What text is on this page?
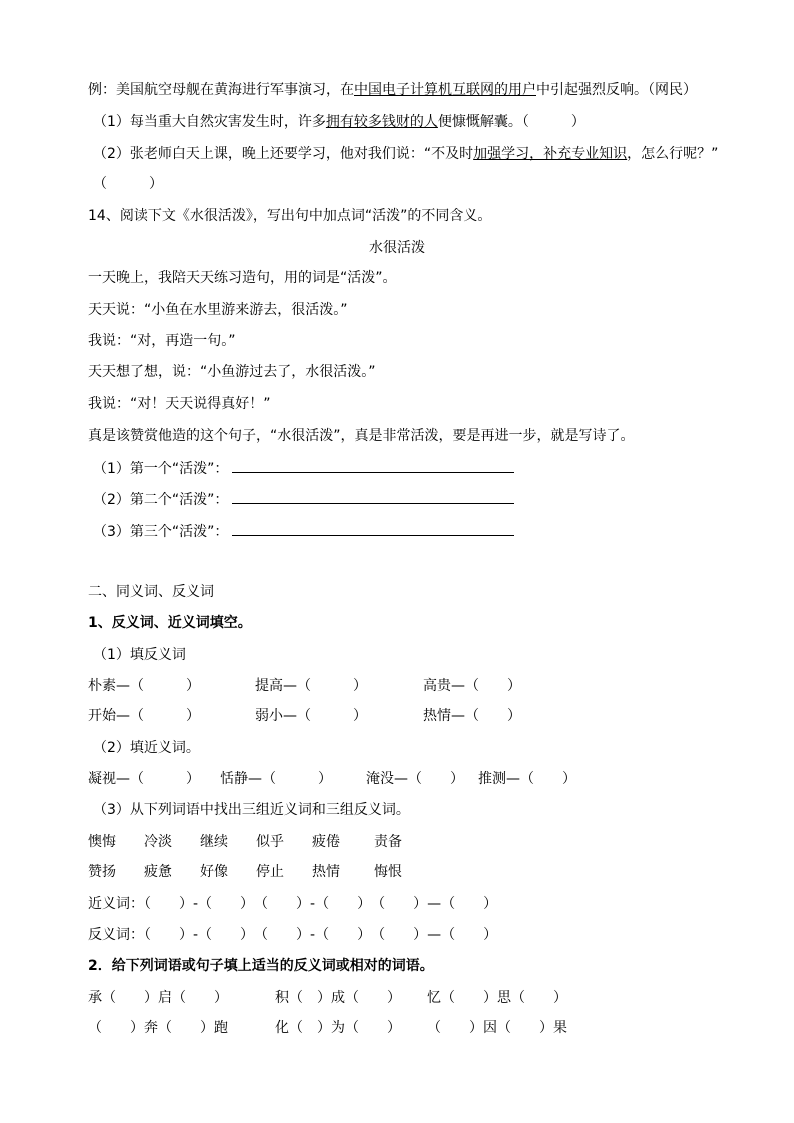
例：美国航空母舰在黄海进行军事演习，在中国电子计算机互联网的用户中引起强烈反响。（网民）
（1）每当重大自然灾害发生时，许多拥有较多钱财的人便慷慨解囊。（　　　）
（2）张老师白天上课，晚上还要学习，他对我们说：“不及时加强学习，补充专业知识，怎么行呢？”
（　　　）
14、阅读下文《水很活泼》，写出句中加点词“活泼”的不同含义。
水很活泼
一天晚上，我陪天天练习造句，用的词是“活泼”。
天天说：“小鱼在水里游来游去，很活泼。”
我说：“对，再造一句。”
天天想了想，说：“小鱼游过去了，水很活泼。”
我说：“对！天天说得真好！”
真是该赞赏他造的这个句子，“水很活泼”，真是非常活泼，要是再进一步，就是写诗了。
（1）第一个“活泼”：
（2）第二个“活泼”：
（3）第三个“活泼”：
二、同义词、反义词
1、反义词、近义词填空。
（1）填反义词
朴素—（　　　）	提高—（　　　）	高贵—（　　）
开始—（　　　）	弱小—（　　　）	热情—（　　）
（2）填近义词。
凝视—（　　　） 恬静—（　　　） 淹没—（　　） 推测—（　　）
（3）从下列词语中找出三组近义词和三组反义词。
懊悔 冷淡 继续 似乎 疲倦 责备
赞扬 疲惫 好像 停止 热情 悔恨
近义词：（　　）-（　　）　（　　）-（　　）　（　　）—（　　）
反义词：（　　）-（　　）　（　　）-（　　）　（　　）—（　　）
2．给下列词语或句子填上适当的反义词或相对的词语。
承（　　）启（　　）	积（　）成（　　） 忆（　　）思（　　）
（　　）奔（　　）跑	化（　）为（　　） （　　）因（　　）果
